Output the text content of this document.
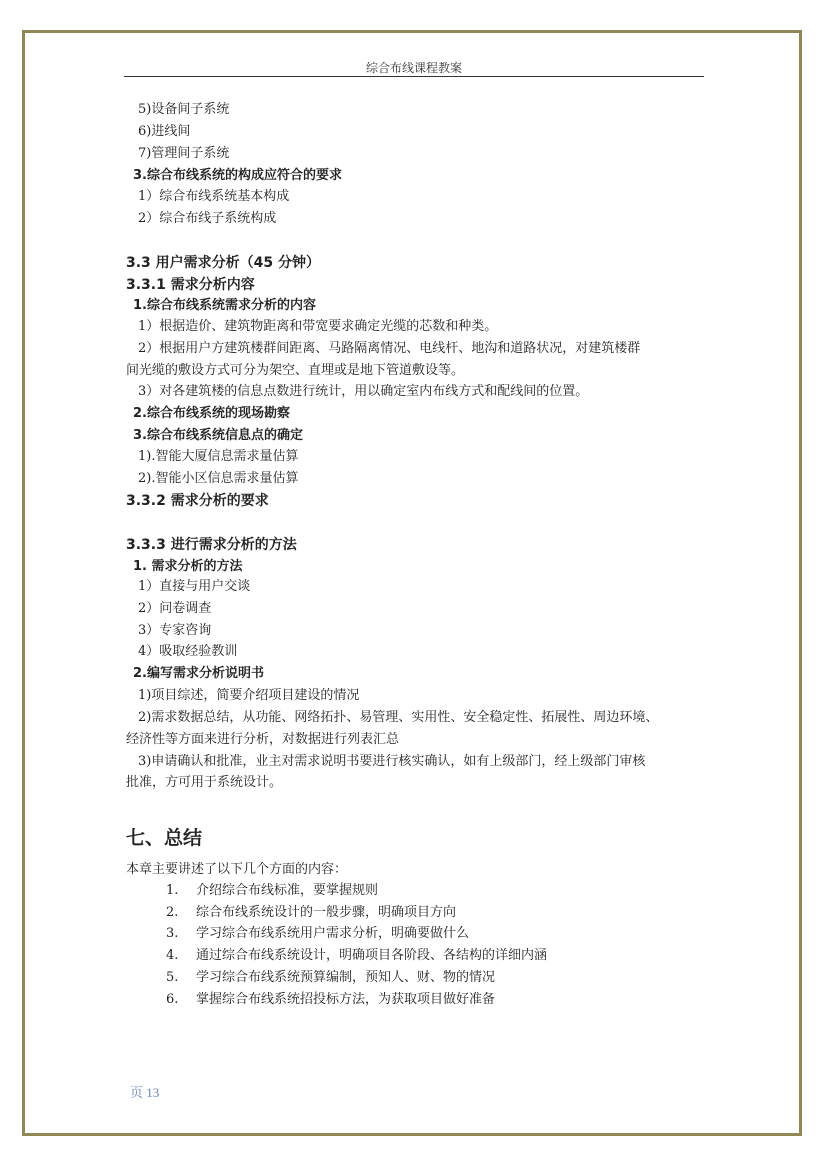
综合布线课程教案
5)设备间子系统
6)进线间
7)管理间子系统
3.综合布线系统的构成应符合的要求
1）综合布线系统基本构成
2）综合布线子系统构成
3.3 用户需求分析（45 分钟）
3.3.1 需求分析内容
1.综合布线系统需求分析的内容
1）根据造价、建筑物距离和带宽要求确定光缆的芯数和种类。
2）根据用户方建筑楼群间距离、马路隔离情况、电线杆、地沟和道路状况，对建筑楼群
间光缆的敷设方式可分为架空、直埋或是地下管道敷设等。
3）对各建筑楼的信息点数进行统计，用以确定室内布线方式和配线间的位置。
2.综合布线系统的现场勘察
3.综合布线系统信息点的确定
1).智能大厦信息需求量估算
2).智能小区信息需求量估算
3.3.2 需求分析的要求
3.3.3 进行需求分析的方法
1. 需求分析的方法
1）直接与用户交谈
2）问卷调查
3）专家咨询
4）吸取经验教训
2.编写需求分析说明书
1)项目综述，简要介绍项目建设的情况
2)需求数据总结，从功能、网络拓扑、易管理、实用性、安全稳定性、拓展性、周边环境、
经济性等方面来进行分析，对数据进行列表汇总
3)申请确认和批准，业主对需求说明书要进行核实确认，如有上级部门，经上级部门审核
批准，方可用于系统设计。
七、总结
本章主要讲述了以下几个方面的内容：
1. 介绍综合布线标准，要掌握规则
2. 综合布线系统设计的一般步骤，明确项目方向
3. 学习综合布线系统用户需求分析，明确要做什么
4. 通过综合布线系统设计，明确项目各阶段、各结构的详细内涵
5. 学习综合布线系统预算编制，预知人、财、物的情况
6. 掌握综合布线系统招投标方法，为获取项目做好准备
页 13
